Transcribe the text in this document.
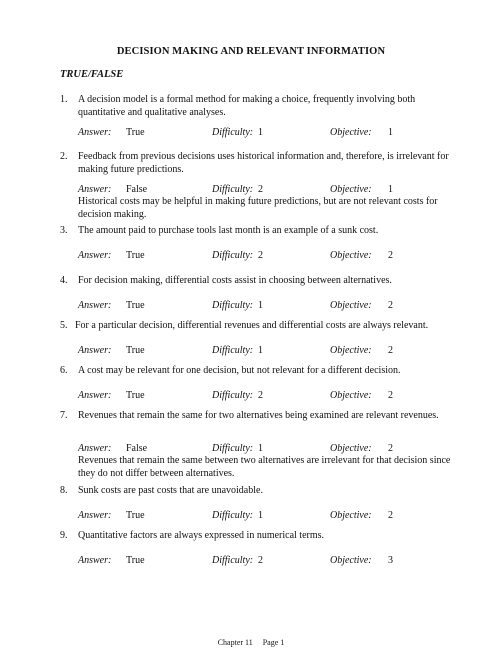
DECISION MAKING AND RELEVANT INFORMATION
TRUE/FALSE
1. A decision model is a formal method for making a choice, frequently involving both quantitative and qualitative analyses.
Answer: True	Difficulty: 1	Objective: 1
2. Feedback from previous decisions uses historical information and, therefore, is irrelevant for making future predictions.
Answer: False	Difficulty: 2	Objective: 1
Historical costs may be helpful in making future predictions, but are not relevant costs for decision making.
3. The amount paid to purchase tools last month is an example of a sunk cost.
Answer: True	Difficulty: 2	Objective: 2
4. For decision making, differential costs assist in choosing between alternatives.
Answer: True	Difficulty: 1	Objective: 2
5. For a particular decision, differential revenues and differential costs are always relevant.
Answer: True	Difficulty: 1	Objective: 2
6. A cost may be relevant for one decision, but not relevant for a different decision.
Answer: True	Difficulty: 2	Objective: 2
7. Revenues that remain the same for two alternatives being examined are relevant revenues.
Answer: False	Difficulty: 1	Objective: 2
Revenues that remain the same between two alternatives are irrelevant for that decision since they do not differ between alternatives.
8. Sunk costs are past costs that are unavoidable.
Answer: True	Difficulty: 1	Objective: 2
9. Quantitative factors are always expressed in numerical terms.
Answer: True	Difficulty: 2	Objective: 3
Chapter 11 Page 1
